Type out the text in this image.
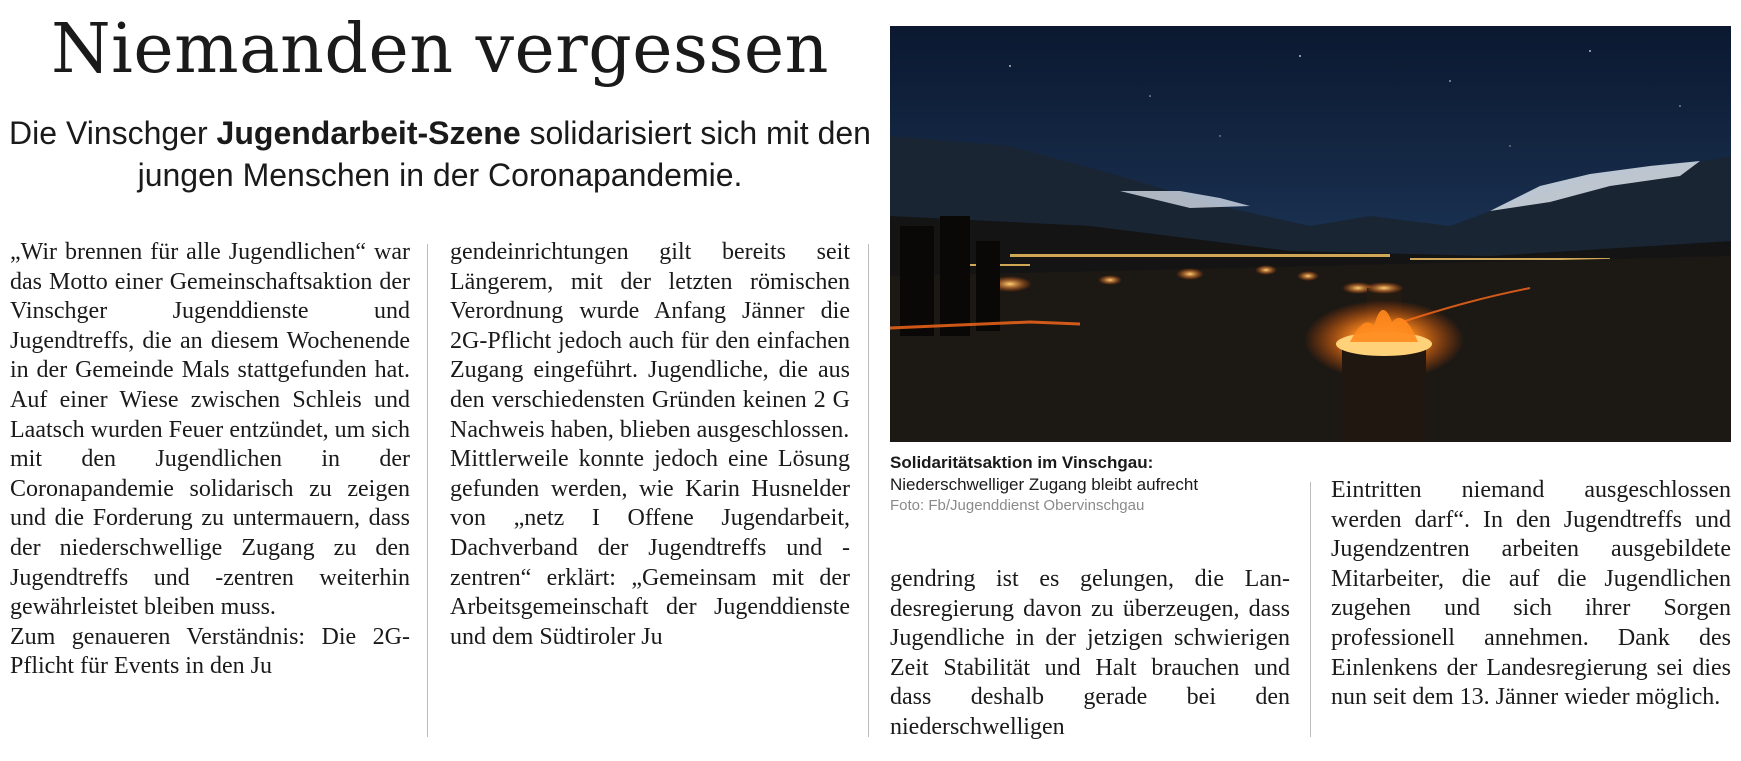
Niemanden vergessen

Die Vinschger Jugendarbeit-Szene solidarisiert sich mit den jungen Menschen in der Coronapandemie.

„Wir brennen für alle Jugendlichen“ war das Motto einer Gemeinschaftsaktion der Vinschger Jugenddienste und Jugendtreffs, die an diesem Wochenende in der Gemeinde Mals stattgefunden hat. Auf einer Wiese zwischen Schleis und Laatsch wurden Feuer entzündet, um sich mit den Jugendlichen in der Coronapandemie solidarisch zu zeigen und die Forderung zu untermauern, dass der niederschwellige Zugang zu den Jugendtreffs und -zentren weiterhin gewährleistet bleiben muss.

Zum genaueren Verständnis: Die 2G-Pflicht für Events in den Ju

gendeinrichtungen gilt bereits seit Längerem, mit der letzten römischen Verordnung wurde Anfang Jänner die 2G-Pflicht jedoch auch für den einfachen Zugang eingeführt. Jugendliche, die aus den verschiedensten Gründen keinen 2 G Nachweis haben, blieben ausgeschlossen.

Mittlerweile konnte jedoch eine Lösung gefunden werden, wie Karin Husnelder von „netz I Offene Jugendarbeit, Dachverband der Jugendtreffs und -zentren“ erklärt: „Gemeinsam mit der Arbeitsgemeinschaft der Jugenddienste und dem Südtiroler Ju

Solidaritätsaktion im Vinschgau:
Niederschwelliger Zugang bleibt aufrecht
Foto: Fb/Jugenddienst Obervinschgau

gendring ist es gelungen, die Landesregierung davon zu überzeugen, dass Jugendliche in der jetzigen schwierigen Zeit Stabilität und Halt brauchen und dass deshalb gerade bei den niederschwelligen

Eintritten niemand ausgeschlossen werden darf“. In den Jugendtreffs und Jugendzentren arbeiten ausgebildete Mitarbeiter, die auf die Jugendlichen zugehen und sich ihrer Sorgen professionell annehmen. Dank des Einlenkens der Landesregierung sei dies nun seit dem 13. Jänner wieder möglich.
